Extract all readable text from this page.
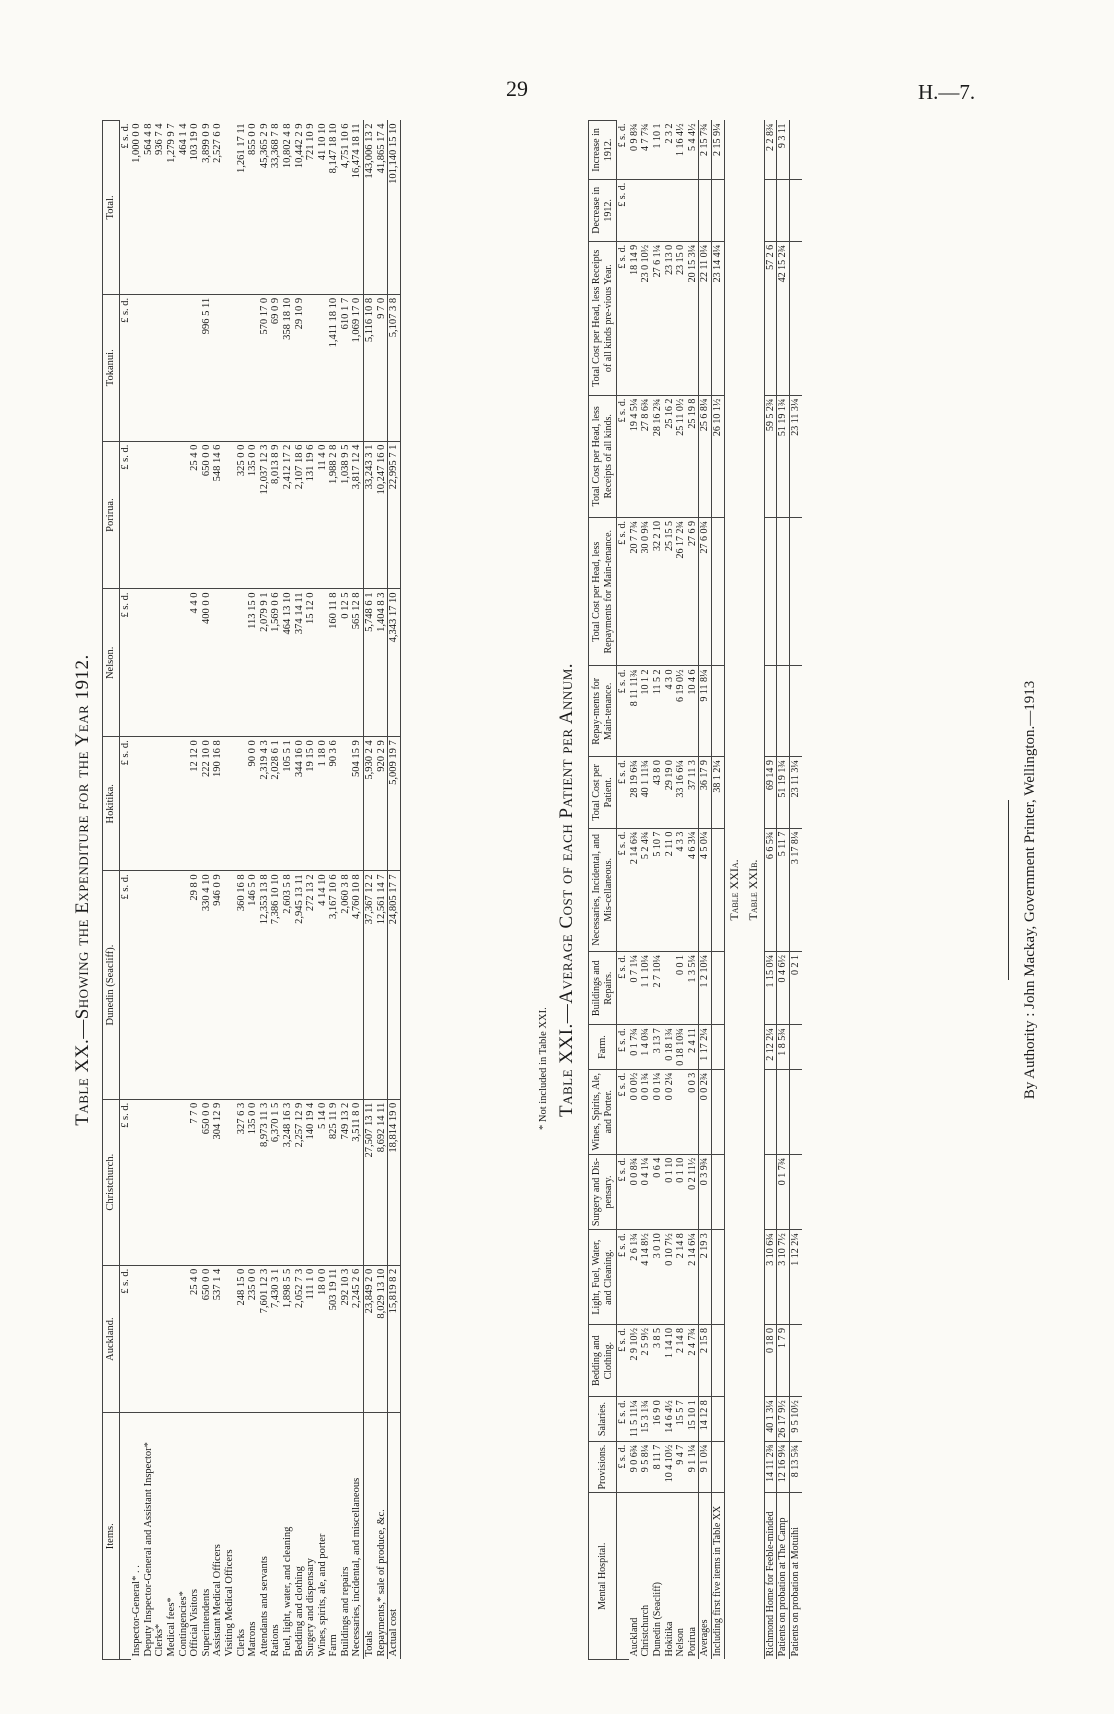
29	H.—7.
Table XX.—Showing the Expenditure for the Year 1912.
Items.	Auckland.	Christchurch.	Dunedin (Seacliff).	Hokitika.	Nelson.	Porirua.	Tokanui.	Total.
	£ s. d.	£ s. d.	£ s. d.	£ s. d.	£ s. d.	£ s. d.	£ s. d.	£ s. d.
Inspector-General* . .								1,000 0 0
Deputy Inspector-General and Assistant Inspector*								564 4 8
Clerks*								936 7 4
Medical fees*								1,279 9 7
Contingencies*								464 1 4
Official Visitors	25 4 0	7 7 0	29 8 0	12 12 0	4 4 0	25 4 0		103 19 0
Superintendents	650 0 0	650 0 0	330 4 10	222 10 0	400 0 0	650 0 0	996 5 11	3,899 0 9
Assistant Medical Officers	537 1 4	304 12 9	946 0 9	190 16 8		548 14 6		2,527 6 0
Visiting Medical Officers								
Clerks	248 15 0	327 6 3	360 16 8			325 0 0		1,261 17 11
Matrons	235 0 0	135 0 0	146 5 0	90 0 0	113 15 0	135 0 0		855 0 0
Attendants and servants	7,601 12 3	8,973 11 3	12,353 13 8	2,319 4 3	2,079 9 1	12,037 12 3	570 17 0	45,365 2 9
Rations	7,430 3 1	6,370 1 5	7,386 10 10	2,028 6 1	1,569 0 6	8,013 8 9	69 0 9	33,368 7 8
Fuel, light, water, and cleaning	1,898 5 5	3,248 16 3	2,603 5 8	105 5 1	464 13 10	2,412 17 2	358 18 10	10,802 4 8
Bedding and clothing	2,052 7 3	2,257 12 9	2,945 13 11	344 16 0	374 14 11	2,107 18 6	29 10 9	10,442 2 9
Surgery and dispensary	111 1 0	140 19 4	272 13 2	19 15 0	15 12 0	131 19 6		721 10 9
Wines, spirits, ale, and porter	18 0 0	5 14 0	4 14 10	1 18 0		11 4 0		41 10 10
Farm	503 19 11	825 11 9	3,167 10 6	90 3 6	160 11 8	1,988 2 8	1,411 18 10	8,147 18 10
Buildings and repairs	292 10 3	749 13 2	2,060 3 8		0 12 5	1,038 9 5	610 1 7	4,751 10 6
Necessaries, incidental, and miscellaneous	2,245 2 6	3,511 8 0	4,760 10 8	504 15 9	565 12 8	3,817 12 4	1,069 17 0	16,474 18 11
Totals	23,849 2 0	27,507 13 11	37,367 12 2	5,930 2 4	5,748 6 1	33,243 3 1	5,116 10 8	143,006 13 2
Repayments,* sale of produce, &c.	8,029 13 10	8,692 14 11	12,561 14 7	920 2 9	1,404 8 3	10,247 16 0	9 7 0	41,865 17 4
Actual cost	15,819 8 2	18,814 19 0	24,805 17 7	5,009 19 7	4,343 17 10	22,995 7 1	5,107 3 8	101,140 15 10
* Not included in Table XXI. Table XXI.—Average Cost of each Patient per Annum.
Mental Hospital.	Provisions.	Salaries.	Bedding and Clothing.	Light, Fuel, Water, and Cleaning.	Surgery and Dis-pensary.	Wines, Spirits, Ale, and Porter.	Farm.	Buildings and Repairs.	Necessaries, Incidental, and Mis-cellaneous.	Total Cost per Patient.	Repay-ments for Main-tenance.	Total Cost per Head, less Repayments for Main-tenance.	Total Cost per Head, less Receipts of all kinds.	Total Cost per Head, less Receipts of all kinds pre-vious Year.	Decrease in 1912.	Increase in 1912.
	£ s. d.	£ s. d.	£ s. d.	£ s. d.	£ s. d.	£ s. d.	£ s. d.	£ s. d.	£ s. d.	£ s. d.	£ s. d.	£ s. d.	£ s. d.	£ s. d.	£ s. d.	£ s. d.
Auckland	9 0 6¾	11 5 11¼	2 9 10½	2 6 1¾	0 0 8¾	0 0 0½	0 1 7¾	0 7 1¼	2 14 6¾	28 19 6¾	8 11 11¾	20 7 7¾	19 4 5¼	18 14 9		0 9 8¾
Christchurch	9 5 8¼	15 3 1¾	2 5 9½	4 14 8½	0 4 1¼	0 0 1¾	1 4 0¾	1 1 10¼	5 2 4¾	40 1 11¾	10 1 2	30 0 9¾	27 8 6¾	23 0 10½		4 7 7¾
Dunedin (Seacliff)	8 11 7	16 9 0	3 8 5	3 0 10	0 6 4	0 0 1¼	3 13 7	2 7 10¼	5 10 7	43 8 0	11 5 2	32 2 10	28 16 2¾	27 6 1¼		1 10 1
Hokitika	10 4 10½	14 6 4½	1 14 10	0 10 7½	0 1 10	0 0 2¼	0 18 1¾		2 11 0	29 19 0	4 3 0	25 15 5	25 16 2	23 13 0		2 3 2
Nelson	9 4 7	15 5 7	2 14 8	2 14 8	0 1 10		0 18 10¾	0 0 1	4 3 3	33 16 6¼	6 19 0½	26 17 2¾	25 11 0½	23 15 0		1 16 4½
Porirua	9 1 1¼	15 10 1	2 4 7¾	2 14 6¼	0 2 11½	0 0 3	2 4 11	1 3 5¼	4 6 3¼	37 11 3	10 4 6	27 6 9	25 19 8	20 15 3¼		5 4 4½
Averages	9 1 0¼	14 12 8	2 15 8	2 19 3	0 3 9¾	0 0 2¾	1 17 2¼	1 2 10¼	4 5 0¼	36 17 9	9 11 8¼	27 6 0¾	25 6 8¼	22 11 0¼		2 15 7¾
Including first five items in Table XX										38 1 2¼			26 10 1½	23 14 4¼		2 15 9¼
Table XXIa.																
Table XXIb.																
Richmond Home for Feeble-minded	14 11 2⅜	40 1 3¼	0 18 0	3 10 6¾			2 12 2¼	1 15 0¼	6 6 5¾	69 14 9			59 5 2¾	57 2 6		2 2 8¾
Patients on probation at The Camp	12 16 9¼	26 17 9½	1 7 9	3 10 7½	0 1 7¾		1 8 5¾	0 4 6½	5 11 7	51 19 1¾			51 19 1¾	42 15 2¾		9 3 11
Patients on probation at Motuihi	8 13 5¾	9 5 10½		1 12 2¼				0 2 1	3 17 8¼	23 11 3¼			23 11 3¼			
By Authority : John Mackay, Government Printer, Wellington.—1913
